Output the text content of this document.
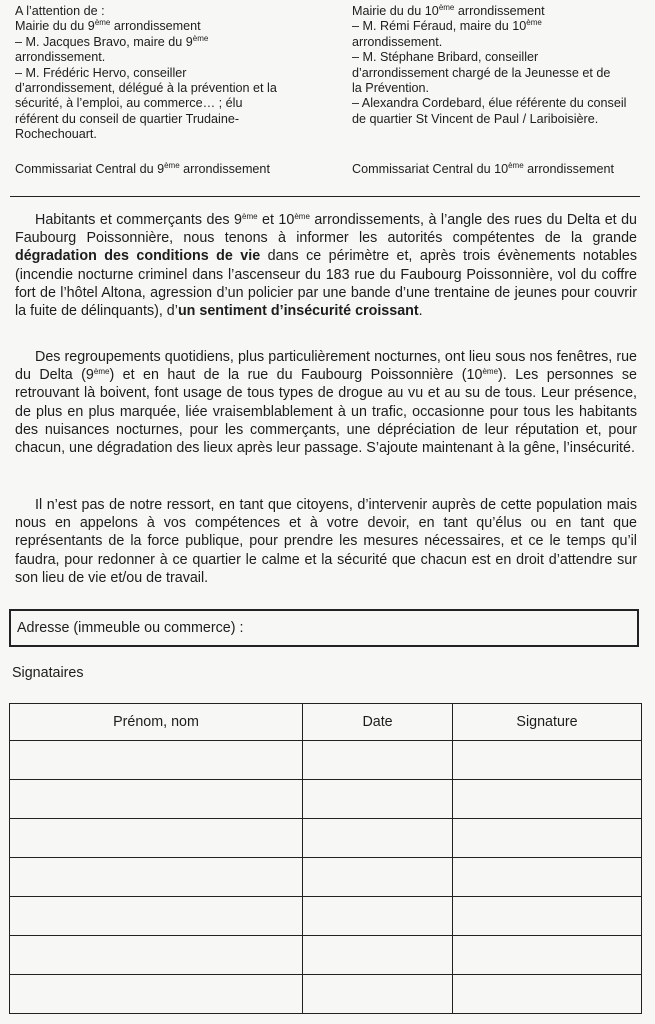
A l’attention de :
Mairie du du 9ème arrondissement
– M. Jacques Bravo, maire du 9ème
arrondissement.
– M. Frédéric Hervo, conseiller
d’arrondissement, délégué à la prévention et la
sécurité, à l’emploi, au commerce… ; élu
référent du conseil de quartier Trudaine-
Rochechouart.
Mairie du du 10ème arrondissement
– M. Rémi Féraud, maire du 10ème
arrondissement.
– M. Stéphane Bribard, conseiller
d’arrondissement chargé de la Jeunesse et de
la Prévention.
– Alexandra Cordebard, élue référente du conseil
de quartier St Vincent de Paul / Lariboisière.
Commissariat Central du 9ème arrondissement	Commissariat Central du 10ème arrondissement
Habitants et commerçants des 9ème et 10ème arrondissements, à l’angle des rues du Delta et du Faubourg Poissonnière, nous tenons à informer les autorités compétentes de la grande dégradation des conditions de vie dans ce périmètre et, après trois évènements notables (incendie nocturne criminel dans l’ascenseur du 183 rue du Faubourg Poissonnière, vol du coffre fort de l’hôtel Altona, agression d’un policier par une bande d’une trentaine de jeunes pour couvrir la fuite de délinquants), d’un sentiment d’insécurité croissant.
Des regroupements quotidiens, plus particulièrement nocturnes, ont lieu sous nos fenêtres, rue du Delta (9ème) et en haut de la rue du Faubourg Poissonnière (10ème). Les personnes se retrouvant là boivent, font usage de tous types de drogue au vu et au su de tous. Leur présence, de plus en plus marquée, liée vraisemblablement à un trafic, occasionne pour tous les habitants des nuisances nocturnes, pour les commerçants, une dépréciation de leur réputation et, pour chacun, une dégradation des lieux après leur passage. S’ajoute maintenant à la gêne, l’insécurité.
Il n’est pas de notre ressort, en tant que citoyens, d’intervenir auprès de cette population mais nous en appelons à vos compétences et à votre devoir, en tant qu’élus ou en tant que représentants de la force publique, pour prendre les mesures nécessaires, et ce le temps qu’il faudra, pour redonner à ce quartier le calme et la sécurité que chacun est en droit d’attendre sur son lieu de vie et/ou de travail.
Adresse (immeuble ou commerce) :
Signataires
Prénom, nom	Date	Signature
